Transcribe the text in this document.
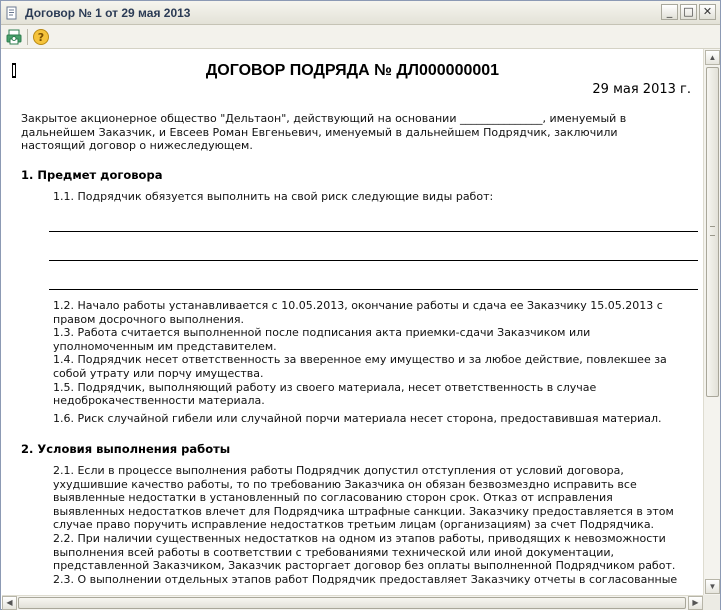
Договор № 1 от 29 мая 2013	_	□ ✕
?
ДОГОВОР ПОДРЯДА № ДЛ000000001
29 мая 2013 г.
Закрытое акционерное общество "Дельтаон", действующий на основании _______________, именуемый в
дальнейшем Заказчик, и Евсеев Роман Евгеньевич, именуемый в дальнейшем Подрядчик, заключили
настоящий договор о нижеследующем.
1. Предмет договора
1.1. Подрядчик обязуется выполнить на свой риск следующие виды работ:
1.2. Начало работы устанавливается с 10.05.2013, окончание работы и сдача ее Заказчику 15.05.2013 с
правом досрочного выполнения.
1.3. Работа считается выполненной после подписания акта приемки-сдачи Заказчиком или
уполномоченным им представителем.
1.4. Подрядчик несет ответственность за вверенное ему имущество и за любое действие, повлекшее за
собой утрату или порчу имущества.
1.5. Подрядчик, выполняющий работу из своего материала, несет ответственность в случае
недоброкачественности материала.
1.6. Риск случайной гибели или случайной порчи материала несет сторона, предоставившая материал.
2. Условия выполнения работы
2.1. Если в процессе выполнения работы Подрядчик допустил отступления от условий договора,
ухудшившие качество работы, то по требованию Заказчика он обязан безвозмездно исправить все
выявленные недостатки в установленный по согласованию сторон срок. Отказ от исправления
выявленных недостатков влечет для Подрядчика штрафные санкции. Заказчику предоставляется в этом
случае право поручить исправление недостатков третьим лицам (организациям) за счет Подрядчика.
2.2. При наличии существенных недостатков на одном из этапов работы, приводящих к невозможности
выполнения всей работы в соответствии с требованиями технической или иной документации,
представленной Заказчиком, Заказчик расторгает договор без оплаты выполненной Подрядчиком работ.
2.3. О выполнении отдельных этапов работ Подрядчик предоставляет Заказчику отчеты в согласованные
▲
▼
◀	▶
